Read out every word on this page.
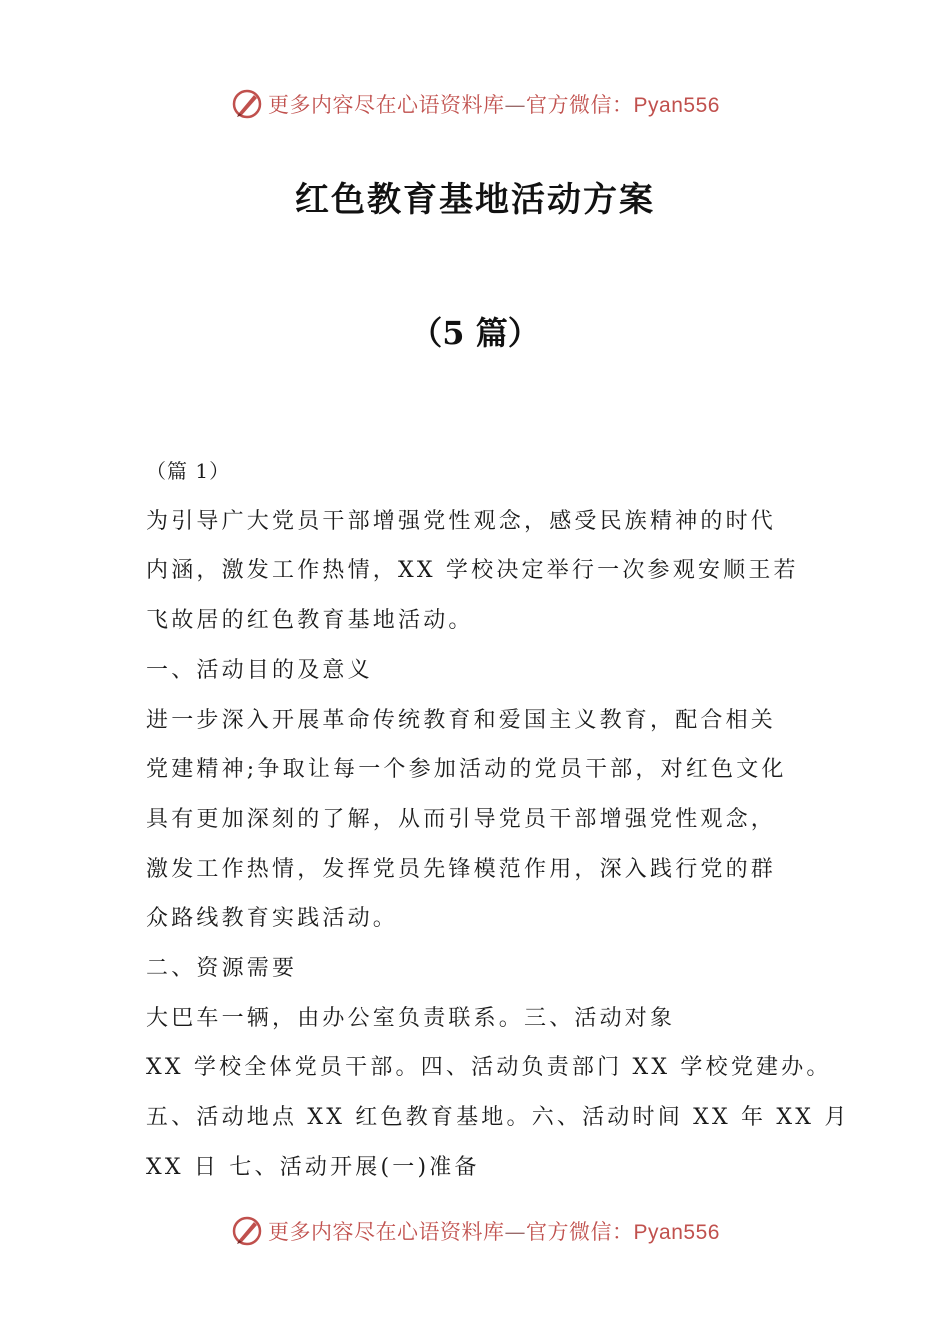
更多内容尽在心语资料库—官方微信：Pyan556
红色教育基地活动方案
（5 篇）

（篇 1）

为引导广大党员干部增强党性观念，感受民族精神的时代

内涵，激发工作热情，XX 学校决定举行一次参观安顺王若

飞故居的红色教育基地活动。

一、活动目的及意义

进一步深入开展革命传统教育和爱国主义教育，配合相关

党建精神;争取让每一个参加活动的党员干部，对红色文化

具有更加深刻的了解，从而引导党员干部增强党性观念，

激发工作热情，发挥党员先锋模范作用，深入践行党的群

众路线教育实践活动。

二、资源需要

大巴车一辆，由办公室负责联系。三、活动对象

XX 学校全体党员干部。四、活动负责部门 XX 学校党建办。

五、活动地点 XX 红色教育基地。六、活动时间 XX 年 XX 月

XX 日 七、活动开展(一)准备

更多内容尽在心语资料库—官方微信：Pyan556
